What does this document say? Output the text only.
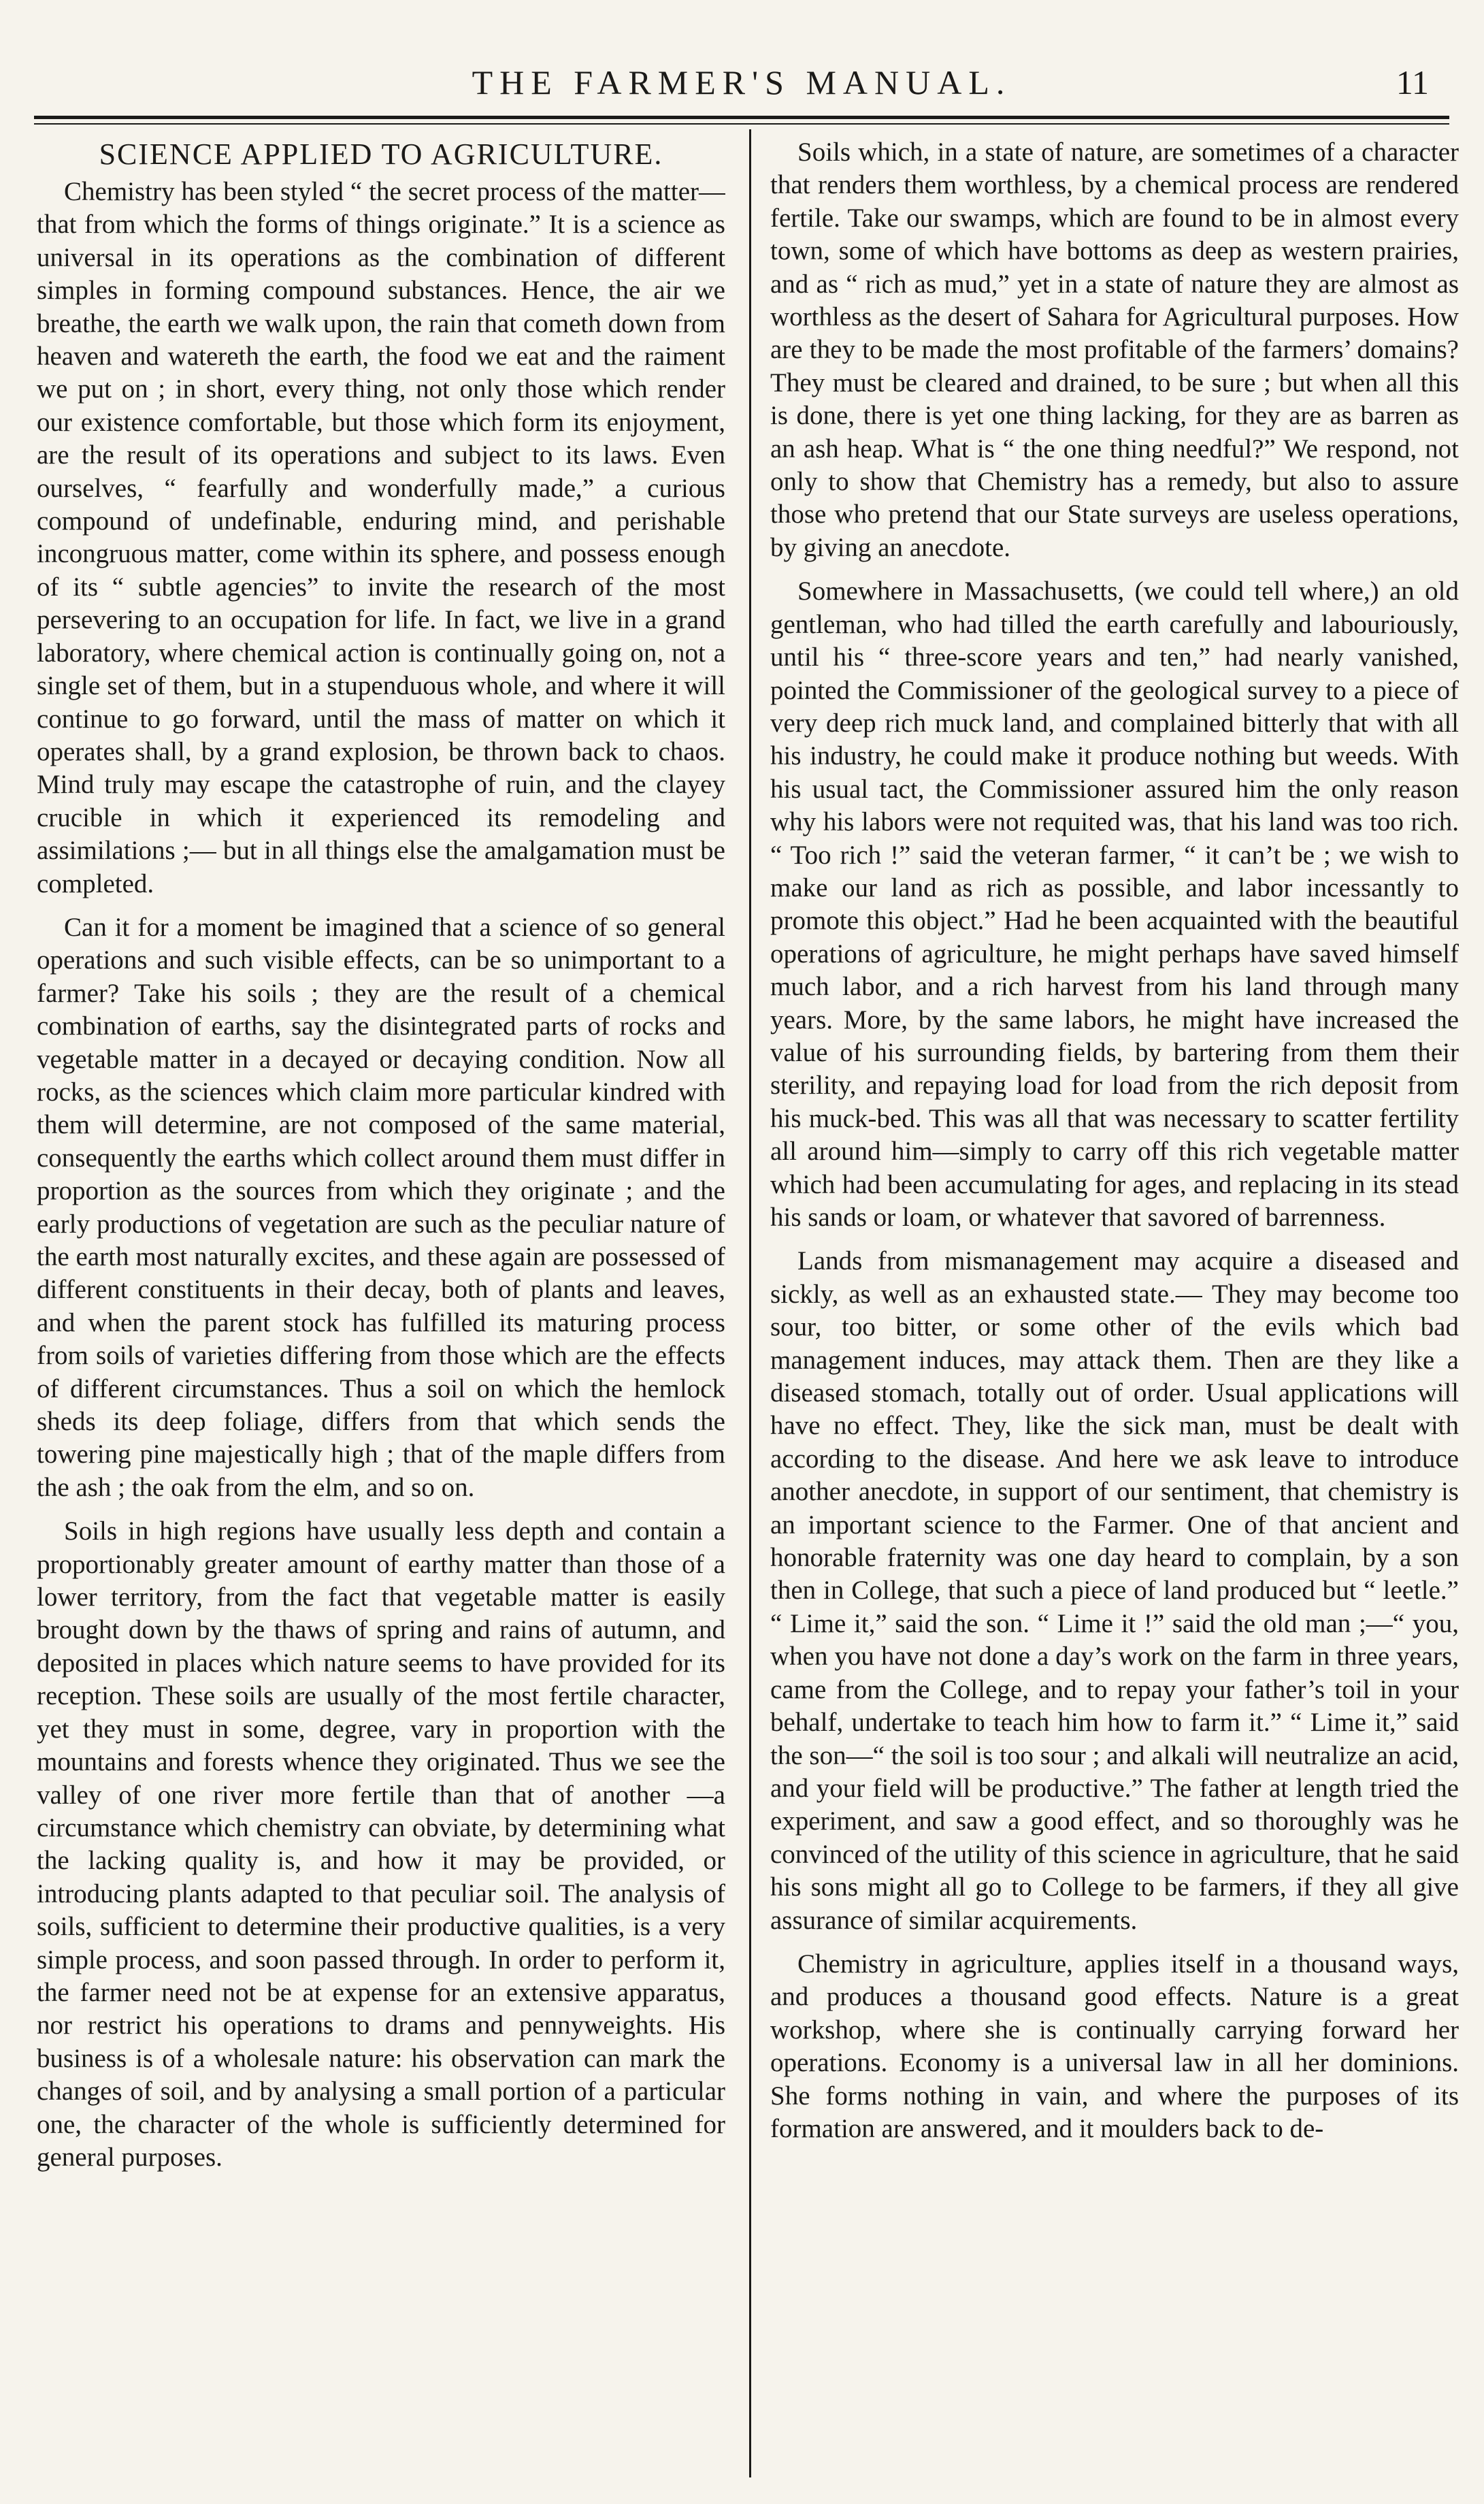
THE FARMER'S MANUAL.	11
SCIENCE APPLIED TO AGRICULTURE.

Chemistry has been styled “ the secret process of the matter—that from which the forms of things originate.” It is a science as universal in its operations as the combination of different simples in forming compound substances. Hence, the air we breathe, the earth we walk upon, the rain that cometh down from heaven and watereth the earth, the food we eat and the raiment we put on ; in short, every thing, not only those which render our existence comfortable, but those which form its enjoyment, are the result of its operations and subject to its laws. Even ourselves, “ fearfully and wonderfully made,” a curious compound of undefinable, enduring mind, and perishable incongruous matter, come within its sphere, and possess enough of its “ subtle agencies” to invite the research of the most persevering to an occupation for life. In fact, we live in a grand laboratory, where chemical action is continually going on, not a single set of them, but in a stupenduous whole, and where it will continue to go forward, until the mass of matter on which it operates shall, by a grand explosion, be thrown back to chaos. Mind truly may escape the catastrophe of ruin, and the clayey crucible in which it experienced its remodeling and assimilations ;— but in all things else the amalgamation must be completed.

Can it for a moment be imagined that a science of so general operations and such visible effects, can be so unimportant to a farmer? Take his soils ; they are the result of a chemical combination of earths, say the disintegrated parts of rocks and vegetable matter in a decayed or decaying condition. Now all rocks, as the sciences which claim more particular kindred with them will determine, are not composed of the same material, consequently the earths which collect around them must differ in proportion as the sources from which they originate ; and the early productions of vegetation are such as the peculiar nature of the earth most naturally excites, and these again are possessed of different constituents in their decay, both of plants and leaves, and when the parent stock has fulfilled its maturing process from soils of varieties differing from those which are the effects of different circumstances. Thus a soil on which the hemlock sheds its deep foliage, differs from that which sends the towering pine majestically high ; that of the maple differs from the ash ; the oak from the elm, and so on.

Soils in high regions have usually less depth and contain a proportionably greater amount of earthy matter than those of a lower territory, from the fact that vegetable matter is easily brought down by the thaws of spring and rains of autumn, and deposited in places which nature seems to have provided for its reception. These soils are usually of the most fertile character, yet they must in some, degree, vary in proportion with the mountains and forests whence they originated. Thus we see the valley of one river more fertile than that of another —a circumstance which chemistry can obviate, by determining what the lacking quality is, and how it may be provided, or introducing plants adapted to that peculiar soil. The analysis of soils, sufficient to determine their productive qualities, is a very simple process, and soon passed through. In order to perform it, the farmer need not be at expense for an extensive apparatus, nor restrict his operations to drams and pennyweights. His business is of a wholesale nature: his observation can mark the changes of soil, and by analysing a small portion of a particular one, the character of the whole is sufficiently determined for general purposes.

Soils which, in a state of nature, are sometimes of a character that renders them worthless, by a chemical process are rendered fertile. Take our swamps, which are found to be in almost every town, some of which have bottoms as deep as western prairies, and as “ rich as mud,” yet in a state of nature they are almost as worthless as the desert of Sahara for Agricultural purposes. How are they to be made the most profitable of the farmers’ domains? They must be cleared and drained, to be sure ; but when all this is done, there is yet one thing lacking, for they are as barren as an ash heap. What is “ the one thing needful?” We respond, not only to show that Chemistry has a remedy, but also to assure those who pretend that our State surveys are useless operations, by giving an anecdote.

Somewhere in Massachusetts, (we could tell where,) an old gentleman, who had tilled the earth carefully and labouriously, until his “ three-score years and ten,” had nearly vanished, pointed the Commissioner of the geological survey to a piece of very deep rich muck land, and complained bitterly that with all his industry, he could make it produce nothing but weeds. With his usual tact, the Commissioner assured him the only reason why his labors were not requited was, that his land was too rich. “ Too rich !” said the veteran farmer, “ it can’t be ; we wish to make our land as rich as possible, and labor incessantly to promote this object.” Had he been acquainted with the beautiful operations of agriculture, he might perhaps have saved himself much labor, and a rich harvest from his land through many years. More, by the same labors, he might have increased the value of his surrounding fields, by bartering from them their sterility, and repaying load for load from the rich deposit from his muck-bed. This was all that was necessary to scatter fertility all around him—simply to carry off this rich vegetable matter which had been accumulating for ages, and replacing in its stead his sands or loam, or whatever that savored of barrenness.

Lands from mismanagement may acquire a diseased and sickly, as well as an exhausted state.— They may become too sour, too bitter, or some other of the evils which bad management induces, may attack them. Then are they like a diseased stomach, totally out of order. Usual applications will have no effect. They, like the sick man, must be dealt with according to the disease. And here we ask leave to introduce another anecdote, in support of our sentiment, that chemistry is an important science to the Farmer. One of that ancient and honorable fraternity was one day heard to complain, by a son then in College, that such a piece of land produced but “ leetle.” “ Lime it,” said the son. “ Lime it !” said the old man ;—“ you, when you have not done a day’s work on the farm in three years, came from the College, and to repay your father’s toil in your behalf, undertake to teach him how to farm it.” “ Lime it,” said the son—“ the soil is too sour ; and alkali will neutralize an acid, and your field will be productive.” The father at length tried the experiment, and saw a good effect, and so thoroughly was he convinced of the utility of this science in agriculture, that he said his sons might all go to College to be farmers, if they all give assurance of similar acquirements.

Chemistry in agriculture, applies itself in a thousand ways, and produces a thousand good effects. Nature is a great workshop, where she is continually carrying forward her operations. Economy is a universal law in all her dominions. She forms nothing in vain, and where the purposes of its formation are answered, and it moulders back to de-
